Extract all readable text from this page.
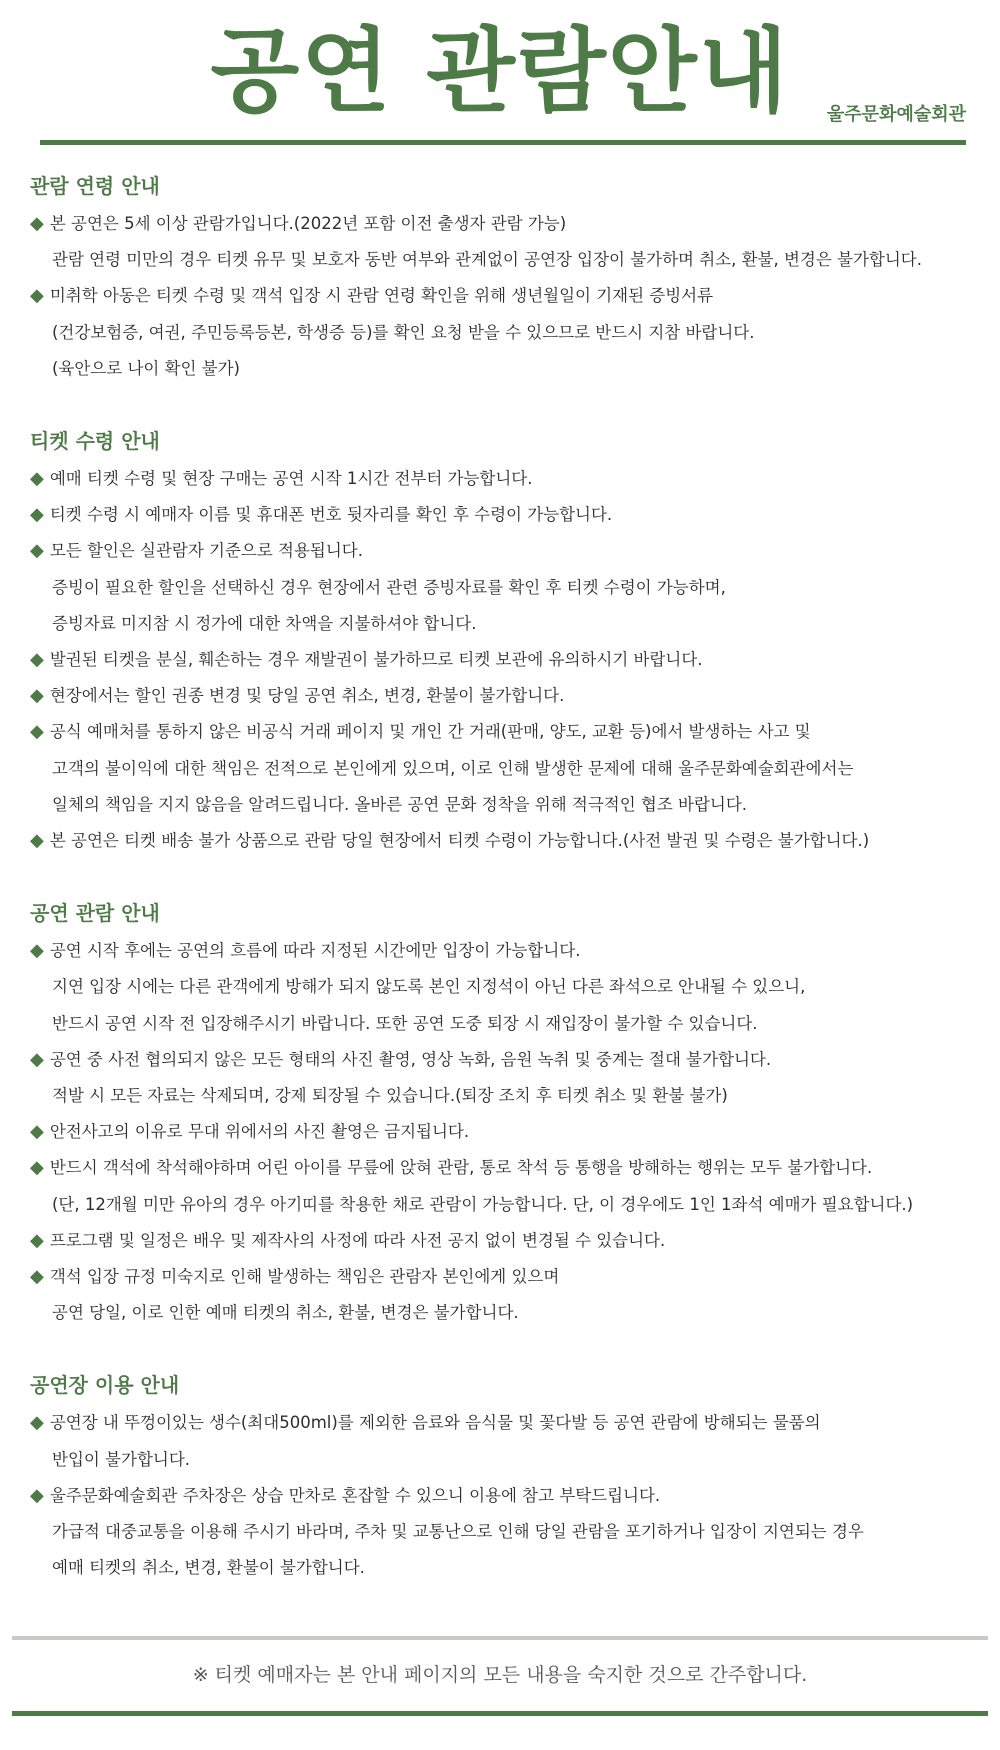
공연 관람안내	울주문화예술회관
관람 연령 안내
◆ 본 공연은 5세 이상 관람가입니다.(2022년 포함 이전 출생자 관람 가능)
관람 연령 미만의 경우 티켓 유무 및 보호자 동반 여부와 관계없이 공연장 입장이 불가하며 취소, 환불, 변경은 불가합니다.
◆ 미취학 아동은 티켓 수령 및 객석 입장 시 관람 연령 확인을 위해 생년월일이 기재된 증빙서류
(건강보험증, 여권, 주민등록등본, 학생증 등)를 확인 요청 받을 수 있으므로 반드시 지참 바랍니다.
(육안으로 나이 확인 불가)
티켓 수령 안내
◆ 예매 티켓 수령 및 현장 구매는 공연 시작 1시간 전부터 가능합니다.
◆ 티켓 수령 시 예매자 이름 및 휴대폰 번호 뒷자리를 확인 후 수령이 가능합니다.
◆ 모든 할인은 실관람자 기준으로 적용됩니다.
증빙이 필요한 할인을 선택하신 경우 현장에서 관련 증빙자료를 확인 후 티켓 수령이 가능하며,
증빙자료 미지참 시 정가에 대한 차액을 지불하셔야 합니다.
◆ 발권된 티켓을 분실, 훼손하는 경우 재발권이 불가하므로 티켓 보관에 유의하시기 바랍니다.
◆ 현장에서는 할인 권종 변경 및 당일 공연 취소, 변경, 환불이 불가합니다.
◆ 공식 예매처를 통하지 않은 비공식 거래 페이지 및 개인 간 거래(판매, 양도, 교환 등)에서 발생하는 사고 및
고객의 불이익에 대한 책임은 전적으로 본인에게 있으며, 이로 인해 발생한 문제에 대해 울주문화예술회관에서는
일체의 책임을 지지 않음을 알려드립니다. 올바른 공연 문화 정착을 위해 적극적인 협조 바랍니다.
◆ 본 공연은 티켓 배송 불가 상품으로 관람 당일 현장에서 티켓 수령이 가능합니다.(사전 발권 및 수령은 불가합니다.)
공연 관람 안내
◆ 공연 시작 후에는 공연의 흐름에 따라 지정된 시간에만 입장이 가능합니다.
지연 입장 시에는 다른 관객에게 방해가 되지 않도록 본인 지정석이 아닌 다른 좌석으로 안내될 수 있으니,
반드시 공연 시작 전 입장해주시기 바랍니다. 또한 공연 도중 퇴장 시 재입장이 불가할 수 있습니다.
◆ 공연 중 사전 협의되지 않은 모든 형태의 사진 촬영, 영상 녹화, 음원 녹취 및 중계는 절대 불가합니다.
적발 시 모든 자료는 삭제되며, 강제 퇴장될 수 있습니다.(퇴장 조치 후 티켓 취소 및 환불 불가)
◆ 안전사고의 이유로 무대 위에서의 사진 촬영은 금지됩니다.
◆ 반드시 객석에 착석해야하며 어린 아이를 무릎에 앉혀 관람, 통로 착석 등 통행을 방해하는 행위는 모두 불가합니다.
(단, 12개월 미만 유아의 경우 아기띠를 착용한 채로 관람이 가능합니다. 단, 이 경우에도 1인 1좌석 예매가 필요합니다.)
◆ 프로그램 및 일정은 배우 및 제작사의 사정에 따라 사전 공지 없이 변경될 수 있습니다.
◆ 객석 입장 규정 미숙지로 인해 발생하는 책임은 관람자 본인에게 있으며
공연 당일, 이로 인한 예매 티켓의 취소, 환불, 변경은 불가합니다.
공연장 이용 안내
◆ 공연장 내 뚜껑이있는 생수(최대500ml)를 제외한 음료와 음식물 및 꽃다발 등 공연 관람에 방해되는 물품의
반입이 불가합니다.
◆ 울주문화예술회관 주차장은 상습 만차로 혼잡할 수 있으니 이용에 참고 부탁드립니다.
가급적 대중교통을 이용해 주시기 바라며, 주차 및 교통난으로 인해 당일 관람을 포기하거나 입장이 지연되는 경우
예매 티켓의 취소, 변경, 환불이 불가합니다.
※ 티켓 예매자는 본 안내 페이지의 모든 내용을 숙지한 것으로 간주합니다.
